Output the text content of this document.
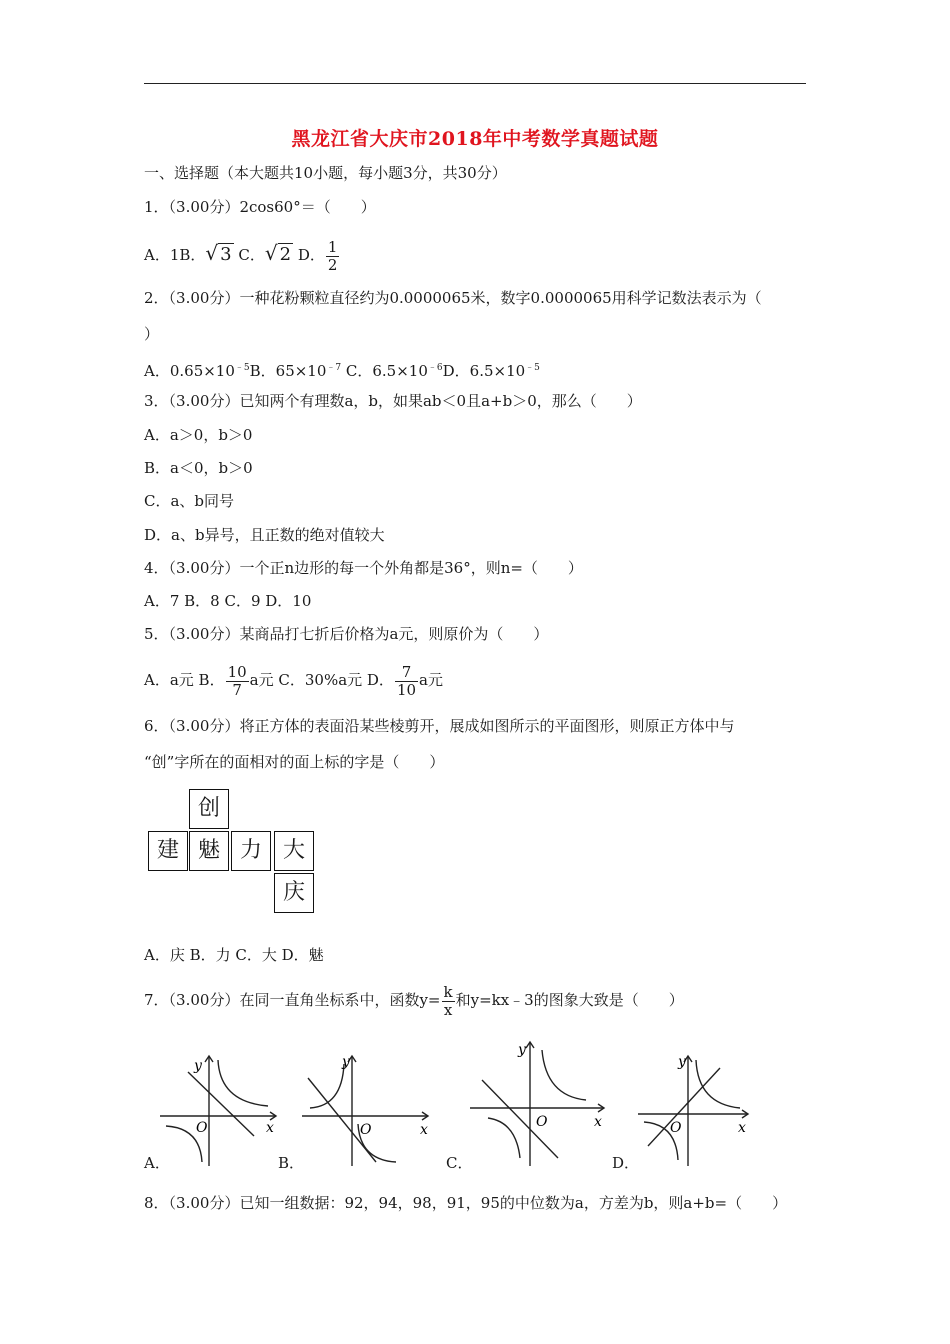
黑龙江省大庆市2018年中考数学真题试题
一、选择题（本大题共10小题，每小题3分，共30分）
1．（3.00分）2cos60°＝（　　）
A．1B．√ 3 C．√ 2 D． $\frac{1}{2}$
2．（3.00分）一种花粉颗粒直径约为0.0000065米，数字0.0000065用科学记数法表示为（
）
A．$0.65\times 10^{﹣5}B$．$65\times 10^{﹣7}$ C．$6.5\times 10^{﹣6}D$．$6.5\times 10^{﹣5}$
3．（3.00分）已知两个有理数a，b，如果ab＜0且a+b＞0，那么（　　）
A．a＞0，b＞0
B．a＜0，b＞0
C．a、b同号
D．a、b异号，且正数的绝对值较大
4．（3.00分）一个正n边形的每一个外角都是36°，则n=（　　）
A．7 B．8 C．9 D．10
5．（3.00分）某商品打七折后价格为a元，则原价为（　　）
A．a元 B． $\frac{10}{7}$ a元 C．30%a元 D． $\frac{7}{10}$ a元
6．（3.00分）将正方体的表面沿某些棱剪开，展成如图所示的平面图形，则原正方体中与
“创”字所在的面相对的面上标的字是（　　）
创
建 魅 力 大
庆
A．庆 B．力 C．大 D．魅
7．（3.00分）在同一直角坐标系中，函数$y= \frac{k}{x}$ 和y=kx﹣3的图象大致是（　　）
y
x
O
y
x
O
y
x
O
y
x
O
A．	B．	C．	D．
8．（3.00分）已知一组数据：92，94，98，91，95的中位数为a，方差为b，则a+b=（　　）
